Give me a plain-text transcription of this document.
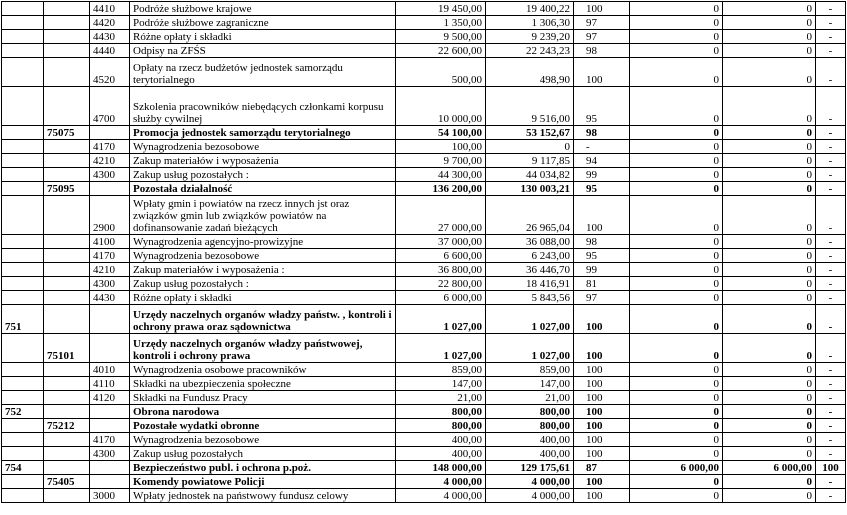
		4410	Podróże służbowe krajowe	19 450,00	19 400,22	100	0	0	-
		4420	Podróże służbowe zagraniczne	1 350,00	1 306,30	97	0	0	-
		4430	Różne opłaty i składki	9 500,00	9 239,20	97	0	0	-
		4440	Odpisy na ZFŚS	22 600,00	22 243,23	98	0	0	-
		4520	Opłaty na rzecz budżetów jednostek samorządu terytorialnego	500,00	498,90	100	0	0	-
		4700	Szkolenia pracowników niebędących członkami korpusu służby cywilnej	10 000,00	9 516,00	95	0	0	-
	75075		Promocja jednostek samorządu terytorialnego	54 100,00	53 152,67	98	0	0	-
		4170	Wynagrodzenia bezosobowe	100,00	0	-	0	0	-
		4210	Zakup materiałów i wyposażenia	9 700,00	9 117,85	94	0	0	-
		4300	Zakup usług pozostałych :	44 300,00	44 034,82	99	0	0	-
	75095		Pozostała działalność	136 200,00	130 003,21	95	0	0	-
		2900	Wpłaty gmin i powiatów na rzecz innych jst oraz związków gmin lub związków powiatów na dofinansowanie zadań bieżących	27 000,00	26 965,04	100	0	0	-
		4100	Wynagrodzenia agencyjno-prowizyjne	37 000,00	36 088,00	98	0	0	-
		4170	Wynagrodzenia bezosobowe	6 600,00	6 243,00	95	0	0	-
		4210	Zakup materiałów i wyposażenia :	36 800,00	36 446,70	99	0	0	-
		4300	Zakup usług pozostałych :	22 800,00	18 416,91	81	0	0	-
		4430	Różne opłaty i składki	6 000,00	5 843,56	97	0	0	-
751			Urzędy naczelnych organów władzy państw. , kontroli i ochrony prawa oraz sądownictwa	1 027,00	1 027,00	100	0	0	-
	75101		Urzędy naczelnych organów władzy państwowej, kontroli i ochrony prawa	1 027,00	1 027,00	100	0	0	-
		4010	Wynagrodzenia osobowe pracowników	859,00	859,00	100	0	0	-
		4110	Składki na ubezpieczenia społeczne	147,00	147,00	100	0	0	-
		4120	Składki na Fundusz Pracy	21,00	21,00	100	0	0	-
752			Obrona narodowa	800,00	800,00	100	0	0	-
	75212		Pozostałe wydatki obronne	800,00	800,00	100	0	0	-
		4170	Wynagrodzenia bezosobowe	400,00	400,00	100	0	0	-
		4300	Zakup usług pozostałych	400,00	400,00	100	0	0	-
754			Bezpieczeństwo publ. i ochrona p.poż.	148 000,00	129 175,61	87	6 000,00	6 000,00	100
	75405		Komendy powiatowe Policji	4 000,00	4 000,00	100	0	0	-
		3000	Wpłaty jednostek na państwowy fundusz celowy	4 000,00	4 000,00	100	0	0	-
